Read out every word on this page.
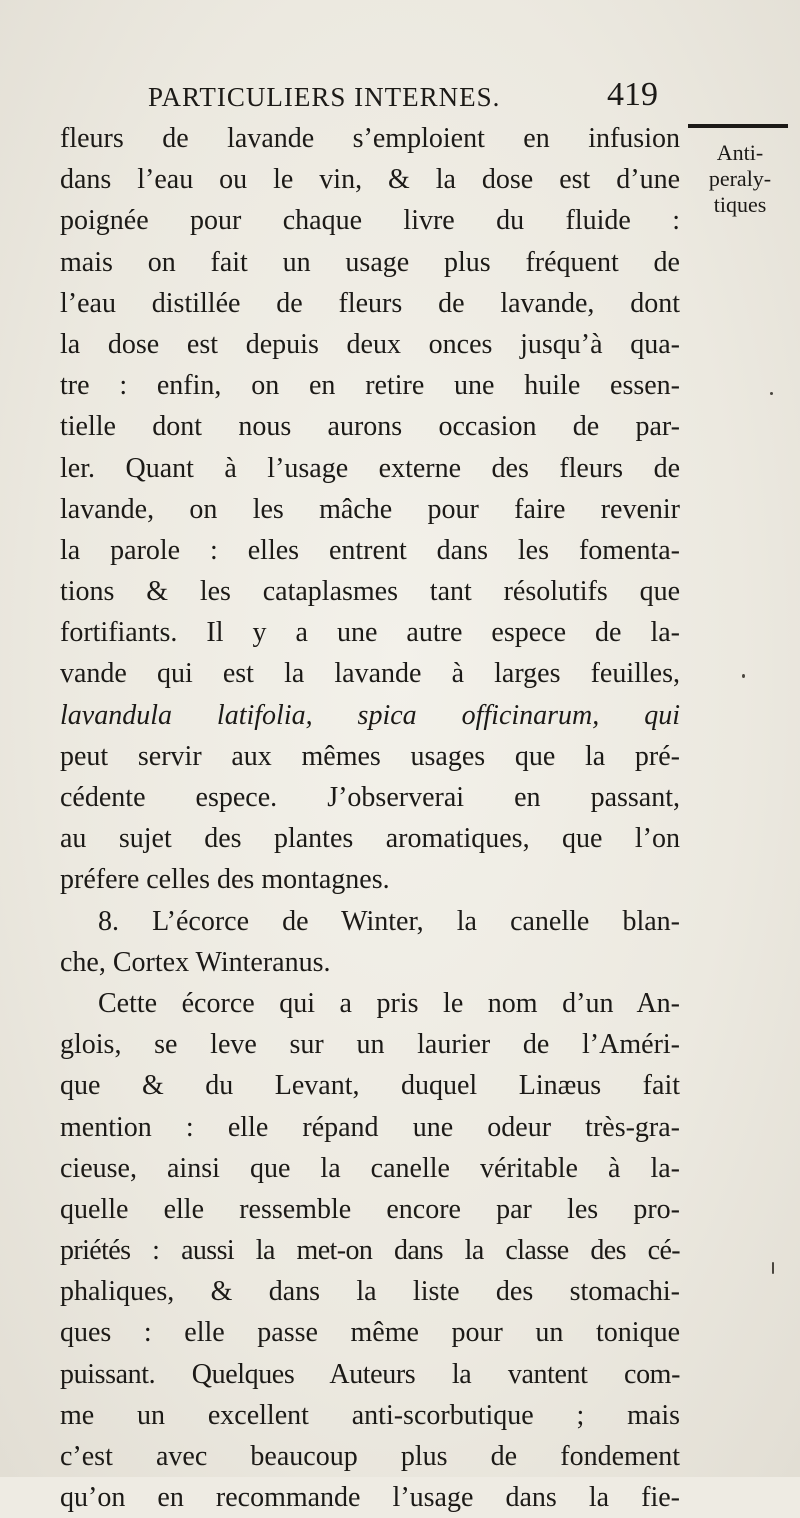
PARTICULIERS INTERNES.	419
Anti-
peraly-
tiques
fleurs de lavande s’emploient en infusion
dans l’eau ou le vin, & la dose est d’une
poignée pour chaque livre du fluide :
mais on fait un usage plus fréquent de
l’eau distillée de fleurs de lavande, dont
la dose est depuis deux onces jusqu’à qua-
tre : enfin, on en retire une huile essen-
tielle dont nous aurons occasion de par-
ler. Quant à l’usage externe des fleurs de
lavande, on les mâche pour faire revenir
la parole : elles entrent dans les fomenta-
tions & les cataplasmes tant résolutifs que
fortifiants. Il y a une autre espece de la-
vande qui est la lavande à larges feuilles,
lavandula latifolia, spica officinarum, qui
peut servir aux mêmes usages que la pré-
cédente espece. J’observerai en passant,
au sujet des plantes aromatiques, que l’on
préfere celles des montagnes.
8. L’écorce de Winter, la canelle blan-
che, Cortex Winteranus.
Cette écorce qui a pris le nom d’un An-
glois, se leve sur un laurier de l’Améri-
que & du Levant, duquel Linæus fait
mention : elle répand une odeur très-gra-
cieuse, ainsi que la canelle véritable à la-
quelle elle ressemble encore par les pro-
priétés : aussi la met-on dans la classe des cé-
phaliques, & dans la liste des stomachi-
ques : elle passe même pour un tonique
puissant. Quelques Auteurs la vantent com-
me un excellent anti-scorbutique ; mais
c’est avec beaucoup plus de fondement
qu’on en recommande l’usage dans la fie-
